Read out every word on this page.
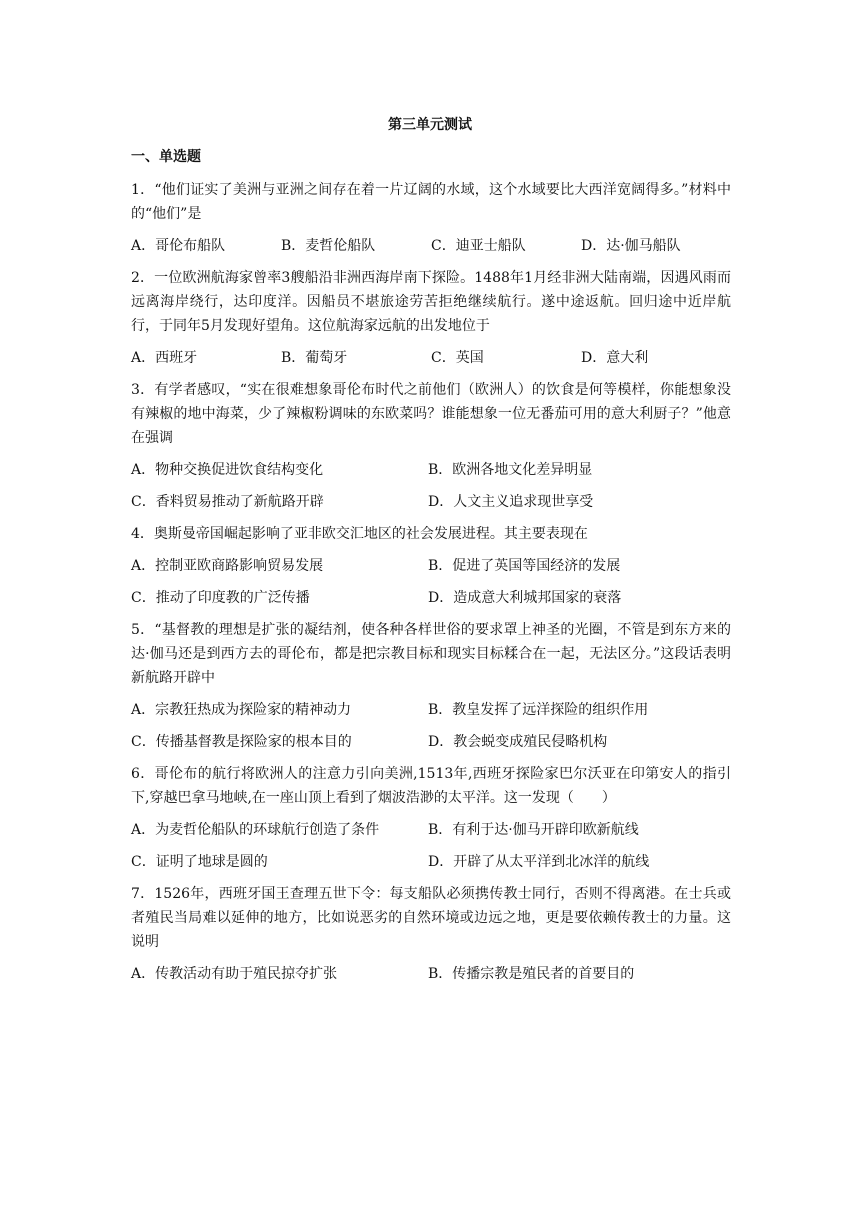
第三单元测试
一、单选题

1．“他们证实了美洲与亚洲之间存在着一片辽阔的水域，这个水域要比大西洋宽阔得多。”材料中的“他们”是

A．哥伦布船队	B．麦哲伦船队	C．迪亚士船队	D．达·伽马船队

2．一位欧洲航海家曾率3艘船沿非洲西海岸南下探险。1488年1月经非洲大陆南端，因遇风雨而远离海岸绕行，达印度洋。因船员不堪旅途劳苦拒绝继续航行。遂中途返航。回归途中近岸航行，于同年5月发现好望角。这位航海家远航的出发地位于

A．西班牙	B．葡萄牙	C．英国	D．意大利

3．有学者感叹，“实在很难想象哥伦布时代之前他们（欧洲人）的饮食是何等模样，你能想象没有辣椒的地中海菜，少了辣椒粉调味的东欧菜吗？谁能想象一位无番茄可用的意大利厨子？”他意在强调

A．物种交换促进饮食结构变化	B．欧洲各地文化差异明显
C．香料贸易推动了新航路开辟	D．人文主义追求现世享受

4．奥斯曼帝国崛起影响了亚非欧交汇地区的社会发展进程。其主要表现在

A．控制亚欧商路影响贸易发展	B．促进了英国等国经济的发展
C．推动了印度教的广泛传播	D．造成意大利城邦国家的衰落

5．“基督教的理想是扩张的凝结剂，使各种各样世俗的要求罩上神圣的光圈，不管是到东方来的达·伽马还是到西方去的哥伦布，都是把宗教目标和现实目标糅合在一起，无法区分。”这段话表明新航路开辟中

A．宗教狂热成为探险家的精神动力	B．教皇发挥了远洋探险的组织作用
C．传播基督教是探险家的根本目的	D．教会蜕变成殖民侵略机构

6．哥伦布的航行将欧洲人的注意力引向美洲,1513年,西班牙探险家巴尔沃亚在印第安人的指引下,穿越巴拿马地峡,在一座山顶上看到了烟波浩渺的太平洋。这一发现（　　）

A．为麦哲伦船队的环球航行创造了条件	B．有利于达·伽马开辟印欧新航线
C．证明了地球是圆的	D．开辟了从太平洋到北冰洋的航线

7．1526年，西班牙国王查理五世下令：每支船队必须携传教士同行，否则不得离港。在士兵或者殖民当局难以延伸的地方，比如说恶劣的自然环境或边远之地，更是要依赖传教士的力量。这说明

A．传教活动有助于殖民掠夺扩张	B．传播宗教是殖民者的首要目的
